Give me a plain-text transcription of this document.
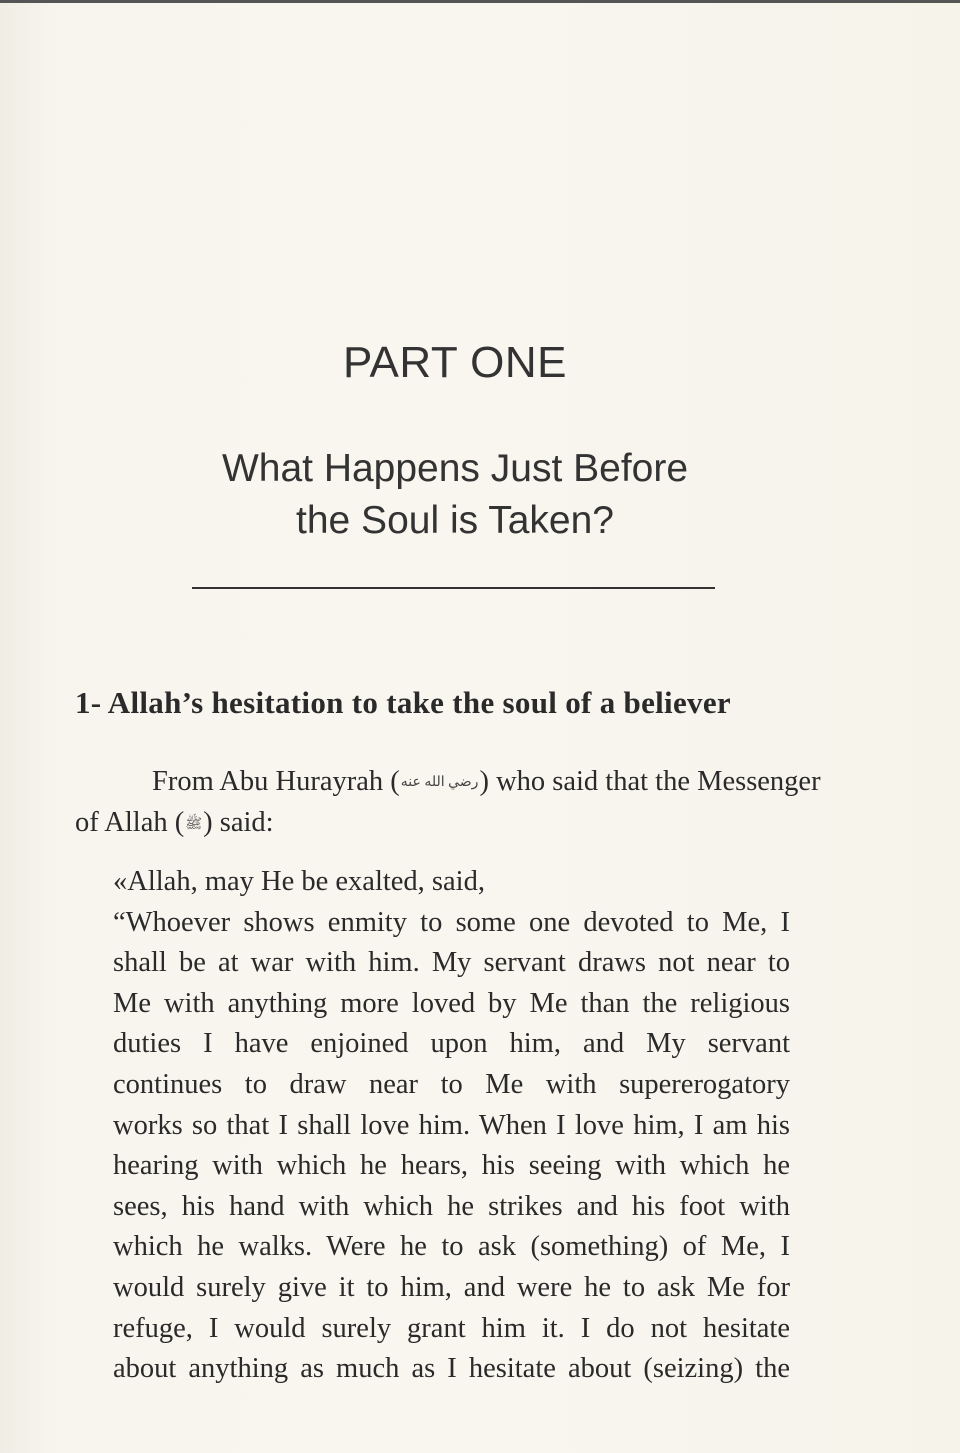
PART ONE
What Happens Just Before
the Soul is Taken?
1- Allah’s hesitation to take the soul of a believer

From Abu Hurayrah (رضي الله عنه) who said that the Messenger
of Allah (ﷺ) said:

«Allah, may He be exalted, said,
“Whoever shows enmity to some one devoted to Me, I
shall be at war with him. My servant draws not near to
Me with anything more loved by Me than the religious
duties I have enjoined upon him, and My servant
continues to draw near to Me with supererogatory
works so that I shall love him. When I love him, I am his
hearing with which he hears, his seeing with which he
sees, his hand with which he strikes and his foot with
which he walks. Were he to ask (something) of Me, I
would surely give it to him, and were he to ask Me for
refuge, I would surely grant him it. I do not hesitate
about anything as much as I hesitate about (seizing) the
